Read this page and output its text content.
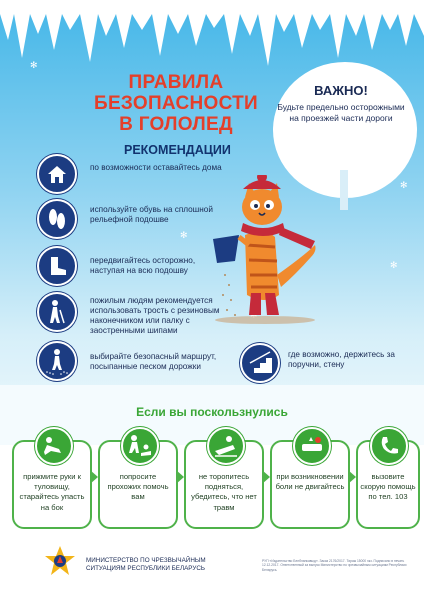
✻
✻
✻
✻
ПРАВИЛА
БЕЗОПАСНОСТИ
В ГОЛОЛЕД
ВАЖНО!
Будьте предельно осторожными на проезжей части дороги
РЕКОМЕНДАЦИИ
по возможности оставайтесь дома
используйте обувь на сплошной рельефной подошве
передвигайтесь осторожно, наступая на всю подошву
пожилым людям рекомендуется использовать трость с резиновым наконечником или палку с заостренными шипами
выбирайте безопасный маршрут, посыпанные песком дорожки
где возможно, держитесь за поручни, стену
Если вы поскользнулись
прижмите руки к туловищу, старайтесь упасть на бок
попросите прохожих помочь вам
не торопитесь подняться, убедитесь, что нет травм
при возникновении боли не двигайтесь
вызовите скорую помощь по тел. 103
МИНИСТЕРСТВО ПО ЧРЕЗВЫЧАЙНЫМ СИТУАЦИЯМ РЕСПУБЛИКИ БЕЛАРУСЬ
РУП «Издательство Белбланкавыд». Заказ 2176/2017. Тираж 15000 экз. Подписано в печать 12.12.2017. Ответственный за выпуск Министерство по чрезвычайным ситуациям Республики Беларусь.
